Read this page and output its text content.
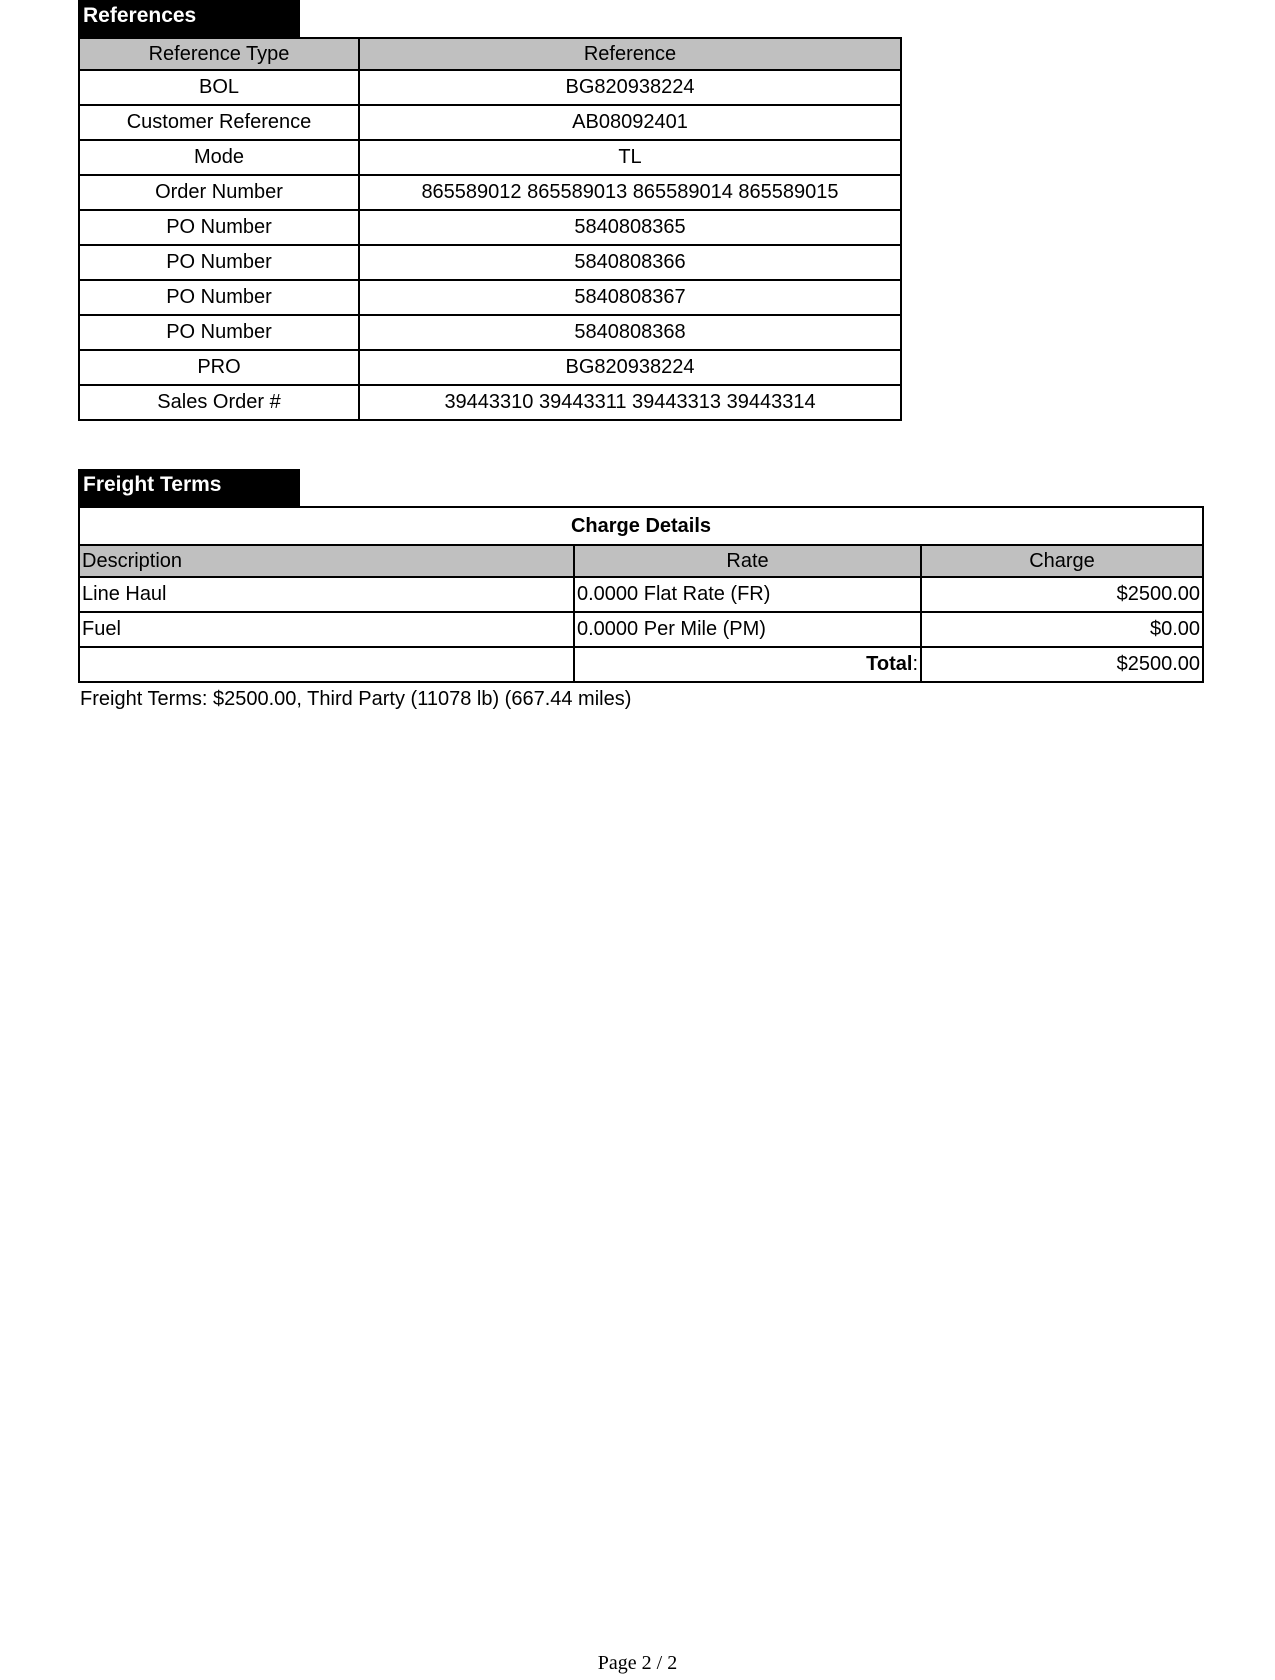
References
Reference Type	Reference
BOL	BG820938224
Customer Reference	AB08092401
Mode	TL
Order Number	865589012 865589013 865589014 865589015
PO Number	5840808365
PO Number	5840808366
PO Number	5840808367
PO Number	5840808368
PRO	BG820938224
Sales Order #	39443310 39443311 39443313 39443314
Freight Terms
Charge Details		
Description	Rate	Charge
Line Haul	0.0000 Flat Rate (FR)	$2500.00
Fuel	0.0000 Per Mile (PM)	$0.00
	Total:	$2500.00
Freight Terms: $2500.00, Third Party (11078 lb) (667.44 miles)
Page 2 / 2
